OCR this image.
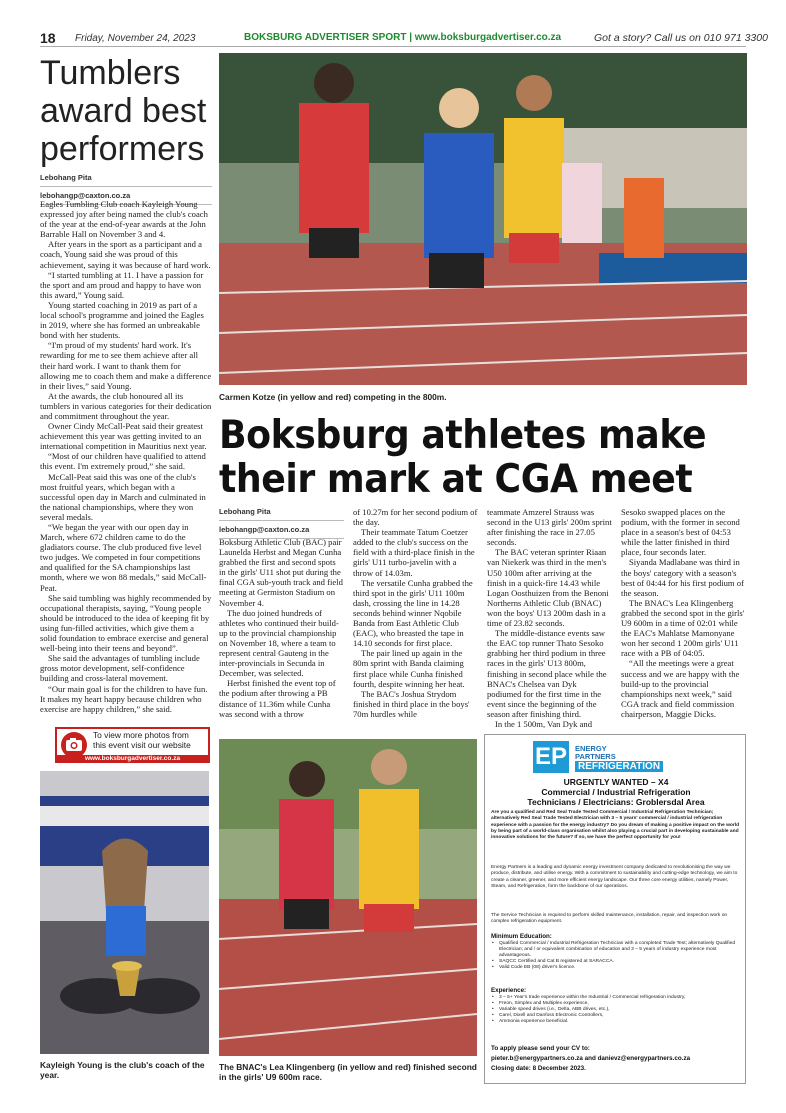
18 Friday, November 24, 2023	BOKSBURG ADVERTISER SPORT | www.boksburgadvertiser.co.za	Got a story? Call us on 010 971 3300
Tumblers award best performers
Lebohang Pita
lebohangp@caxton.co.za

Eagles Tumbling Club coach Kayleigh Young expressed joy after being named the club's coach of the year at the end-of-year awards at the John Barrable Hall on November 3 and 4.

After years in the sport as a participant and a coach, Young said she was proud of this achievement, saying it was because of hard work.

“I started tumbling at 11. I have a passion for the sport and am proud and happy to have won this award,” Young said.

Young started coaching in 2019 as part of a local school's programme and joined the Eagles in 2019, where she has formed an unbreakable bond with her students.

“I'm proud of my students' hard work. It's rewarding for me to see them achieve after all their hard work. I want to thank them for allowing me to coach them and make a difference in their lives,” said Young.

At the awards, the club honoured all its tumblers in various categories for their dedication and commitment throughout the year.

Owner Cindy McCall-Peat said their greatest achievement this year was getting invited to an international competition in Mauritius next year.

“Most of our children have qualified to attend this event. I'm extremely proud,” she said.

McCall-Peat said this was one of the club's most fruitful years, which began with a successful open day in March and culminated in the national championships, where they won several medals.

“We began the year with our open day in March, where 672 children came to do the gladiators course. The club produced five level two judges. We competed in four competitions and qualified for the SA championships last month, where we won 88 medals,” said McCall-Peat.

She said tumbling was highly recommended by occupational therapists, saying, “Young people should be introduced to the idea of keeping fit by using fun-filled activities, which give them a solid foundation to embrace exercise and general well-being into their teens and beyond”.

She said the advantages of tumbling include gross motor development, self-confidence building and cross-lateral movement.

“Our main goal is for the children to have fun. It makes my heart happy because children who exercise are happy children,” she said.

To view more photos from
this event visit our website
www.boksburgadvertiser.co.za
Kayleigh Young is the club's coach of the year.
Carmen Kotze (in yellow and red) competing in the 800m.
Boksburg athletes make their mark at CGA meet
Lebohang Pita
lebohangp@caxton.co.za

Boksburg Athletic Club (BAC) pair Launelda Herbst and Megan Cunha grabbed the first and second spots in the girls' U11 shot put during the final CGA sub-youth track and field meeting at Germiston Stadium on November 4.

The duo joined hundreds of athletes who continued their build-up to the provincial championship on November 18, where a team to represent central Gauteng in the inter-provincials in Secunda in December, was selected.

Herbst finished the event top of the podium after throwing a PB distance of 11.36m while Cunha was second with a throw

of 10.27m for her second podium of the day.

Their teammate Tatum Coetzer added to the club's success on the field with a third-place finish in the girls' U11 turbo-javelin with a throw of 14.03m.

The versatile Cunha grabbed the third spot in the girls' U11 100m dash, crossing the line in 14.28 seconds behind winner Nqobile Banda from East Athletic Club (EAC), who breasted the tape in 14.10 seconds for first place.

The pair lined up again in the 80m sprint with Banda claiming first place while Cunha finished fourth, despite winning her heat.

The BAC's Joshua Strydom finished in third place in the boys' 70m hurdles while

teammate Amzerel Strauss was second in the U13 girls' 200m sprint after finishing the race in 27.05 seconds.

The BAC veteran sprinter Riaan van Niekerk was third in the men's U50 100m after arriving at the finish in a quick-fire 14.43 while Logan Oosthuizen from the Benoni Northerns Athletic Club (BNAC) won the boys' U13 200m dash in a time of 23.82 seconds.

The middle-distance events saw the EAC top runner Thato Sesoko grabbing her third podium in three races in the girls' U13 800m, finishing in second place while the BNAC's Chelsea van Dyk podiumed for the first time in the event since the beginning of the season after finishing third.

In the 1 500m, Van Dyk and

Sesoko swapped places on the podium, with the former in second place in a season's best of 04:53 while the latter finished in third place, four seconds later.

Siyanda Madlabane was third in the boys' category with a season's best of 04:44 for his first podium of the season.

The BNAC's Lea Klingenberg grabbed the second spot in the girls' U9 600m in a time of 02:01 while the EAC's Mahlatse Mamonyane won her second 1 200m girls' U11 race with a PB of 04:05.

“All the meetings were a great success and we are happy with the build-up to the provincial championships next week,” said CGA track and field commission chairperson, Maggie Dicks.

The BNAC's Lea Klingenberg (in yellow and red) finished second in the girls' U9 600m race.
EP ENERGY
PARTNERS
REFRIGERATION
URGENTLY WANTED – X4
Commercial / Industrial Refrigeration
Technicians / Electricians: Groblersdal Area
Are you a qualified and Red Seal Trade Tested Commercial / Industrial Refrigeration Technician; alternatively Red Seal Trade Tested Electrician with 3 – 5 years' commercial / industrial refrigeration experience with a passion for the energy industry? Do you dream of making a positive impact on the world by being part of a world-class organisation whilst also playing a crucial part in developing sustainable and innovative solutions for the future? If so, we have the perfect opportunity for you!
Energy Partners is a leading and dynamic energy investment company dedicated to revolutionising the way we produce, distribute, and utilise energy. With a commitment to sustainability and cutting-edge technology, we aim to create a cleaner, greener, and more efficient energy landscape. Our three core energy utilities, namely Power, Steam, and Refrigeration, form the backbone of our operations.
The Service Technician is required to perform skilled maintenance, installation, repair, and inspection work on complex refrigeration equipment.
Minimum Education:
• Qualified Commercial / Industrial Refrigeration Technician with a completed Trade Test; alternatively Qualified Electrician; and / or equivalent combination of education and 3 – 5 years of industry experience most advantageous.
• SAQCC Certified and Cat B registered at SARACCA.
• Valid Code EB (08) driver's licence.
Experience:
• 3 – 5+ Year's trade experience within the Industrial / Commercial refrigeration industry,
• Freon, Simplex and Multiplex experience,
• Variable speed drives (i.e., Delta, ABB drives, etc.),
• Carel, Dixell and Danfoss Electronic Controllers,
• Ammonia experience beneficial.
To apply please send your CV to:
pieter.b@energypartners.co.za and danievz@energypartners.co.za
Closing date: 8 December 2023.
